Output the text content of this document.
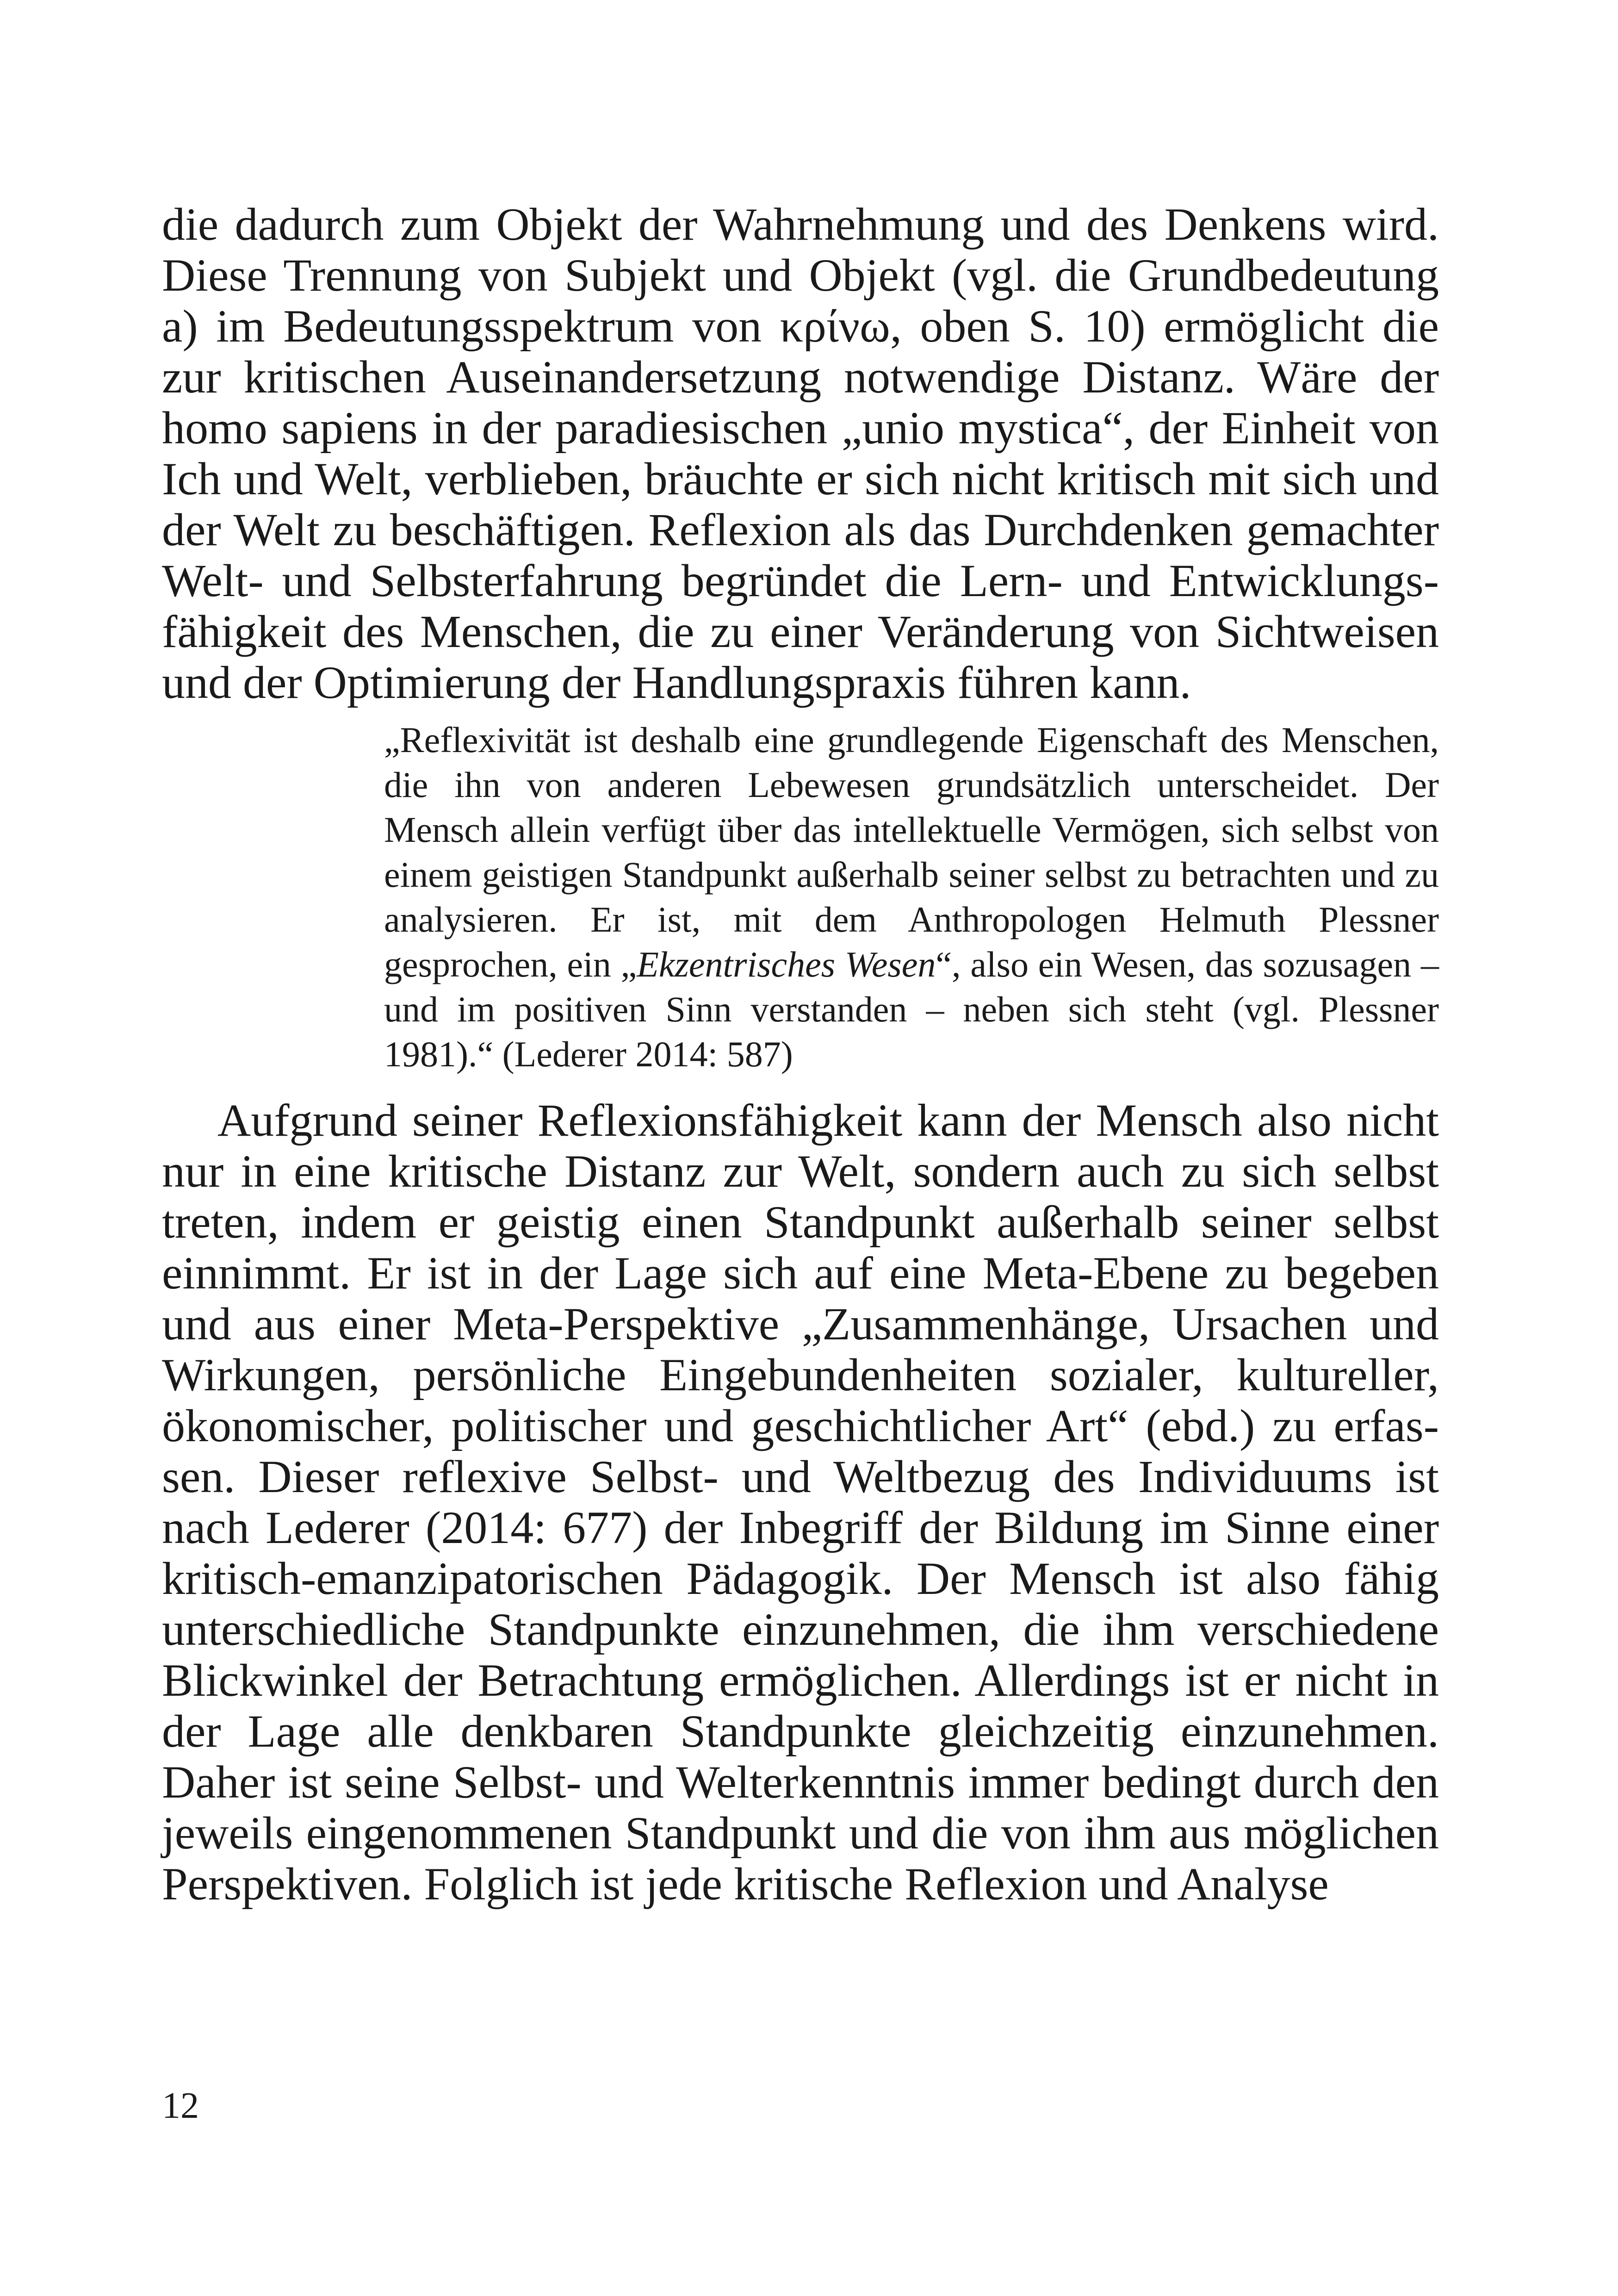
die dadurch zum Objekt der Wahrnehmung und des Denkens wird. Diese Trennung von Subjekt und Objekt (vgl. die Grundbedeutung a) im Bedeutungsspektrum von κρίνω, oben S. 10) ermöglicht die zur kritischen Auseinandersetzung notwendige Distanz. Wäre der homo sapiens in der paradiesischen „unio mystica“, der Einheit von Ich und Welt, verblieben, bräuchte er sich nicht kritisch mit sich und der Welt zu beschäftigen. Reflexion als das Durchdenken gemachter Welt- und Selbsterfahrung begründet die Lern- und Entwicklungsfähigkeit des Menschen, die zu einer Veränderung von Sichtweisen und der Optimierung der Handlungspraxis führen kann.

„Reflexivität ist deshalb eine grundlegende Eigenschaft des Menschen, die ihn von anderen Lebewesen grundsätzlich unterscheidet. Der Mensch allein verfügt über das intellektuelle Vermögen, sich selbst von einem geistigen Standpunkt außerhalb seiner selbst zu betrachten und zu analysieren. Er ist, mit dem Anthropologen Helmuth Plessner gesprochen, ein „Ekzentrisches Wesen“, also ein Wesen, das sozusagen – und im positiven Sinn verstanden – neben sich steht (vgl. Plessner 1981).“ (Lederer 2014: 587)

Aufgrund seiner Reflexionsfähigkeit kann der Mensch also nicht nur in eine kritische Distanz zur Welt, sondern auch zu sich selbst treten, indem er geistig einen Standpunkt außerhalb seiner selbst einnimmt. Er ist in der Lage sich auf eine Meta-Ebene zu begeben und aus einer Meta-Perspektive „Zusammenhänge, Ursachen und Wirkungen, persönliche Eingebundenheiten sozialer, kultureller, ökonomischer, politischer und geschichtlicher Art“ (ebd.) zu erfassen. Dieser reflexive Selbst- und Weltbezug des Individuums ist nach Lederer (2014: 677) der Inbegriff der Bildung im Sinne einer kritisch-emanzipatorischen Pädagogik. Der Mensch ist also fähig unterschiedliche Standpunkte einzunehmen, die ihm verschiedene Blickwinkel der Betrachtung ermöglichen. Allerdings ist er nicht in der Lage alle denkbaren Standpunkte gleichzeitig einzunehmen. Daher ist seine Selbst- und Welterkenntnis immer bedingt durch den jeweils eingenommenen Standpunkt und die von ihm aus möglichen Perspektiven. Folglich ist jede kritische Reflexion und Analyse

12
